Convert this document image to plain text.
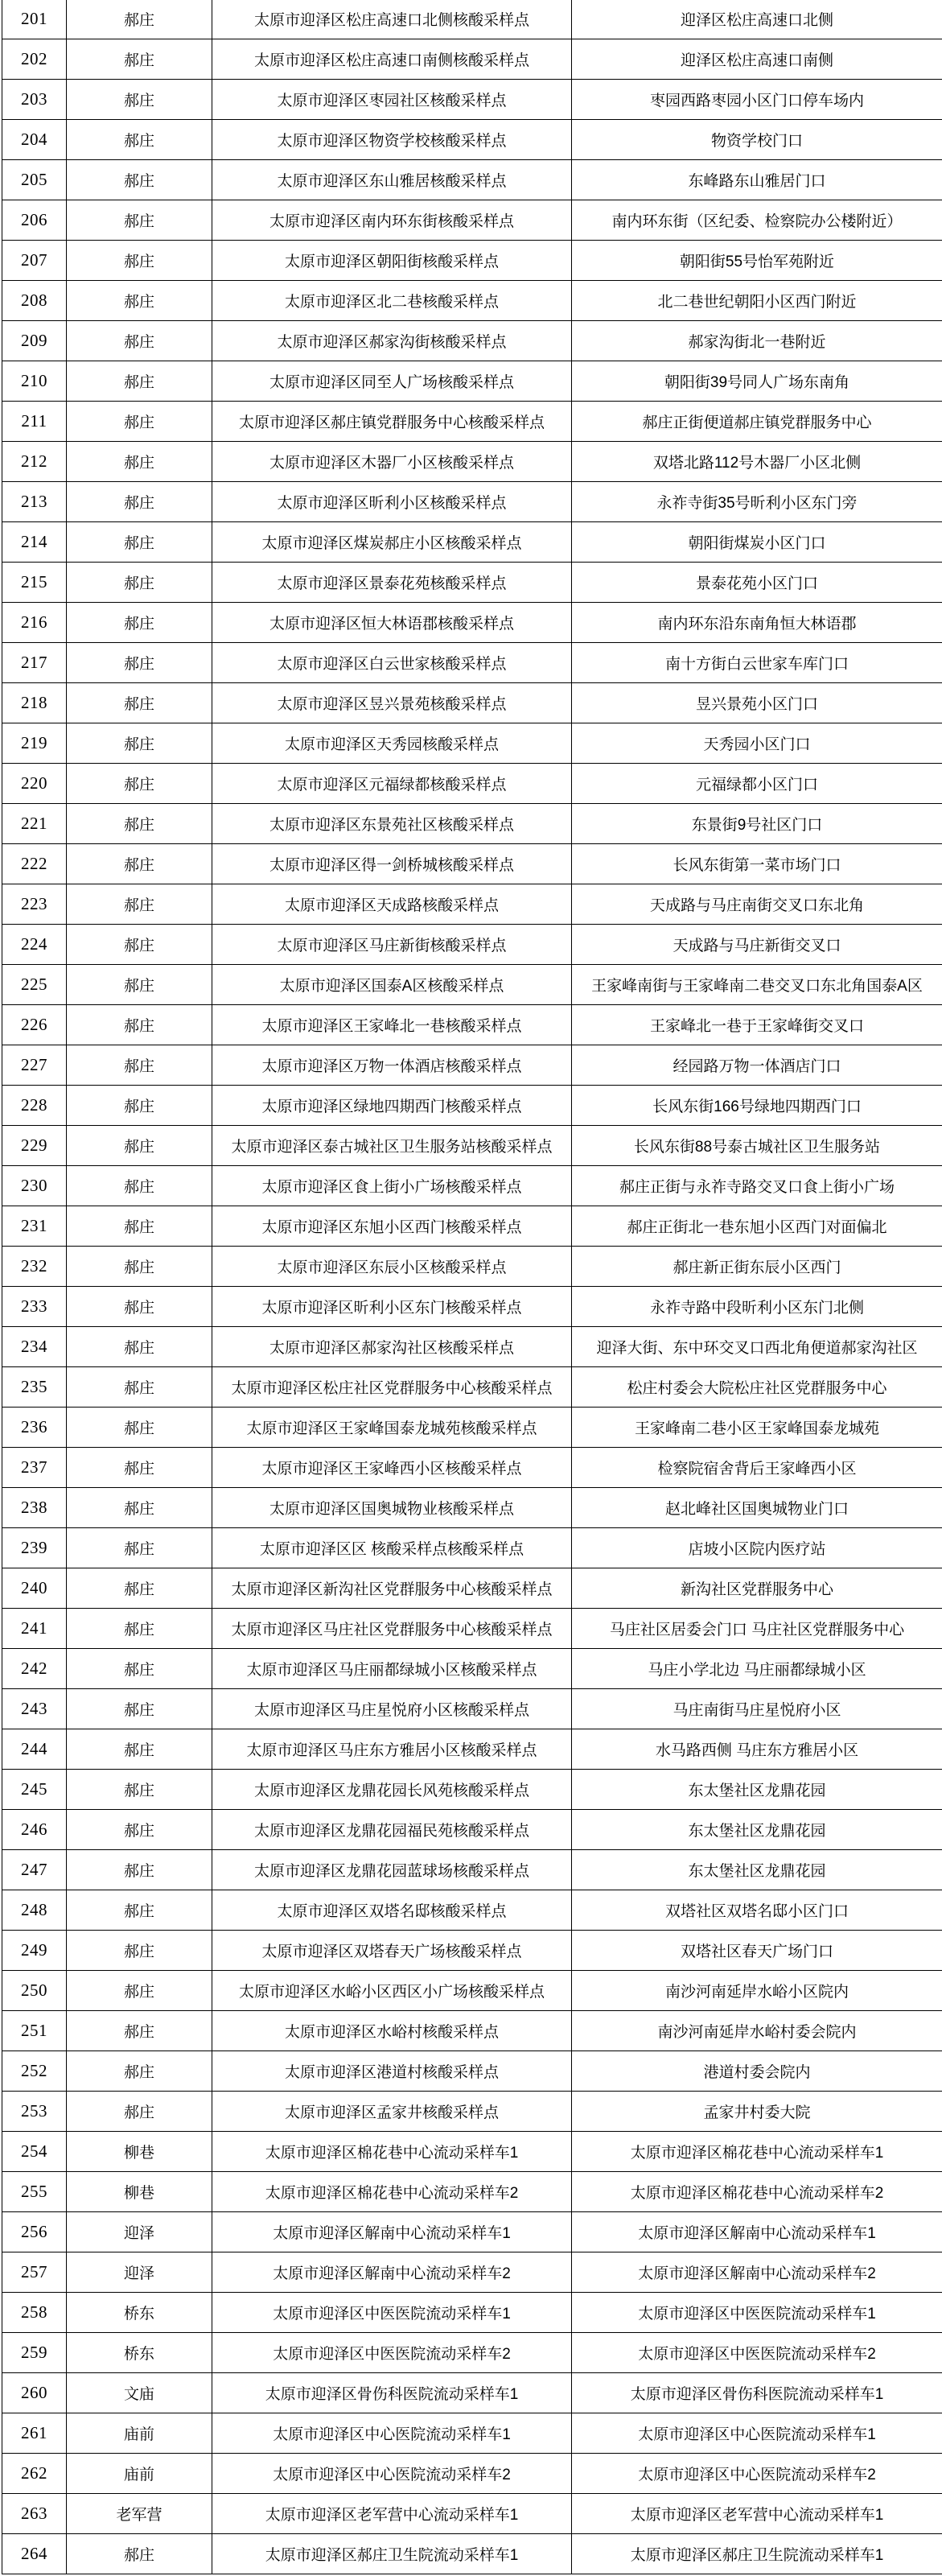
201	郝庄	太原市迎泽区松庄高速口北侧核酸采样点	迎泽区松庄高速口北侧
202	郝庄	太原市迎泽区松庄高速口南侧核酸采样点	迎泽区松庄高速口南侧
203	郝庄	太原市迎泽区枣园社区核酸采样点	枣园西路枣园小区门口停车场内
204	郝庄	太原市迎泽区物资学校核酸采样点	物资学校门口
205	郝庄	太原市迎泽区东山雅居核酸采样点	东峰路东山雅居门口
206	郝庄	太原市迎泽区南内环东街核酸采样点	南内环东街（区纪委、检察院办公楼附近）
207	郝庄	太原市迎泽区朝阳街核酸采样点	朝阳街55号怡军苑附近
208	郝庄	太原市迎泽区北二巷核酸采样点	北二巷世纪朝阳小区西门附近
209	郝庄	太原市迎泽区郝家沟街核酸采样点	郝家沟街北一巷附近
210	郝庄	太原市迎泽区同至人广场核酸采样点	朝阳街39号同人广场东南角
211	郝庄	太原市迎泽区郝庄镇党群服务中心核酸采样点	郝庄正街便道郝庄镇党群服务中心
212	郝庄	太原市迎泽区木器厂小区核酸采样点	双塔北路112号木器厂小区北侧
213	郝庄	太原市迎泽区昕利小区核酸采样点	永祚寺街35号昕利小区东门旁
214	郝庄	太原市迎泽区煤炭郝庄小区核酸采样点	朝阳街煤炭小区门口
215	郝庄	太原市迎泽区景泰花苑核酸采样点	景泰花苑小区门口
216	郝庄	太原市迎泽区恒大林语郡核酸采样点	南内环东沿东南角恒大林语郡
217	郝庄	太原市迎泽区白云世家核酸采样点	南十方街白云世家车库门口
218	郝庄	太原市迎泽区昱兴景苑核酸采样点	昱兴景苑小区门口
219	郝庄	太原市迎泽区天秀园核酸采样点	天秀园小区门口
220	郝庄	太原市迎泽区元福绿都核酸采样点	元福绿都小区门口
221	郝庄	太原市迎泽区东景苑社区核酸采样点	东景街9号社区门口
222	郝庄	太原市迎泽区得一剑桥城核酸采样点	长风东街第一菜市场门口
223	郝庄	太原市迎泽区天成路核酸采样点	天成路与马庄南街交叉口东北角
224	郝庄	太原市迎泽区马庄新街核酸采样点	天成路与马庄新街交叉口
225	郝庄	太原市迎泽区国泰A区核酸采样点	王家峰南街与王家峰南二巷交叉口东北角国泰A区
226	郝庄	太原市迎泽区王家峰北一巷核酸采样点	王家峰北一巷于王家峰街交叉口
227	郝庄	太原市迎泽区万物一体酒店核酸采样点	经园路万物一体酒店门口
228	郝庄	太原市迎泽区绿地四期西门核酸采样点	长风东街166号绿地四期西门口
229	郝庄	太原市迎泽区泰古城社区卫生服务站核酸采样点	长风东街88号泰古城社区卫生服务站
230	郝庄	太原市迎泽区食上街小广场核酸采样点	郝庄正街与永祚寺路交叉口食上街小广场
231	郝庄	太原市迎泽区东旭小区西门核酸采样点	郝庄正街北一巷东旭小区西门对面偏北
232	郝庄	太原市迎泽区东辰小区核酸采样点	郝庄新正街东辰小区西门
233	郝庄	太原市迎泽区昕利小区东门核酸采样点	永祚寺路中段昕利小区东门北侧
234	郝庄	太原市迎泽区郝家沟社区核酸采样点	迎泽大街、东中环交叉口西北角便道郝家沟社区
235	郝庄	太原市迎泽区松庄社区党群服务中心核酸采样点	松庄村委会大院松庄社区党群服务中心
236	郝庄	太原市迎泽区王家峰国泰龙城苑核酸采样点	王家峰南二巷小区王家峰国泰龙城苑
237	郝庄	太原市迎泽区王家峰西小区核酸采样点	检察院宿舍背后王家峰西小区
238	郝庄	太原市迎泽区国奥城物业核酸采样点	赵北峰社区国奥城物业门口
239	郝庄	太原市迎泽区区 核酸采样点核酸采样点	店坡小区院内医疗站
240	郝庄	太原市迎泽区新沟社区党群服务中心核酸采样点	新沟社区党群服务中心
241	郝庄	太原市迎泽区马庄社区党群服务中心核酸采样点	马庄社区居委会门口 马庄社区党群服务中心
242	郝庄	太原市迎泽区马庄丽都绿城小区核酸采样点	马庄小学北边 马庄丽都绿城小区
243	郝庄	太原市迎泽区马庄星悦府小区核酸采样点	马庄南街马庄星悦府小区
244	郝庄	太原市迎泽区马庄东方雅居小区核酸采样点	水马路西侧 马庄东方雅居小区
245	郝庄	太原市迎泽区龙鼎花园长风苑核酸采样点	东太堡社区龙鼎花园
246	郝庄	太原市迎泽区龙鼎花园福民苑核酸采样点	东太堡社区龙鼎花园
247	郝庄	太原市迎泽区龙鼎花园蓝球场核酸采样点	东太堡社区龙鼎花园
248	郝庄	太原市迎泽区双塔名邸核酸采样点	双塔社区双塔名邸小区门口
249	郝庄	太原市迎泽区双塔春天广场核酸采样点	双塔社区春天广场门口
250	郝庄	太原市迎泽区水峪小区西区小广场核酸采样点	南沙河南延岸水峪小区院内
251	郝庄	太原市迎泽区水峪村核酸采样点	南沙河南延岸水峪村委会院内
252	郝庄	太原市迎泽区港道村核酸采样点	港道村委会院内
253	郝庄	太原市迎泽区孟家井核酸采样点	孟家井村委大院
254	柳巷	太原市迎泽区棉花巷中心流动采样车1	太原市迎泽区棉花巷中心流动采样车1
255	柳巷	太原市迎泽区棉花巷中心流动采样车2	太原市迎泽区棉花巷中心流动采样车2
256	迎泽	太原市迎泽区解南中心流动采样车1	太原市迎泽区解南中心流动采样车1
257	迎泽	太原市迎泽区解南中心流动采样车2	太原市迎泽区解南中心流动采样车2
258	桥东	太原市迎泽区中医医院流动采样车1	太原市迎泽区中医医院流动采样车1
259	桥东	太原市迎泽区中医医院流动采样车2	太原市迎泽区中医医院流动采样车2
260	文庙	太原市迎泽区骨伤科医院流动采样车1	太原市迎泽区骨伤科医院流动采样车1
261	庙前	太原市迎泽区中心医院流动采样车1	太原市迎泽区中心医院流动采样车1
262	庙前	太原市迎泽区中心医院流动采样车2	太原市迎泽区中心医院流动采样车2
263	老军营	太原市迎泽区老军营中心流动采样车1	太原市迎泽区老军营中心流动采样车1
264	郝庄	太原市迎泽区郝庄卫生院流动采样车1	太原市迎泽区郝庄卫生院流动采样车1
